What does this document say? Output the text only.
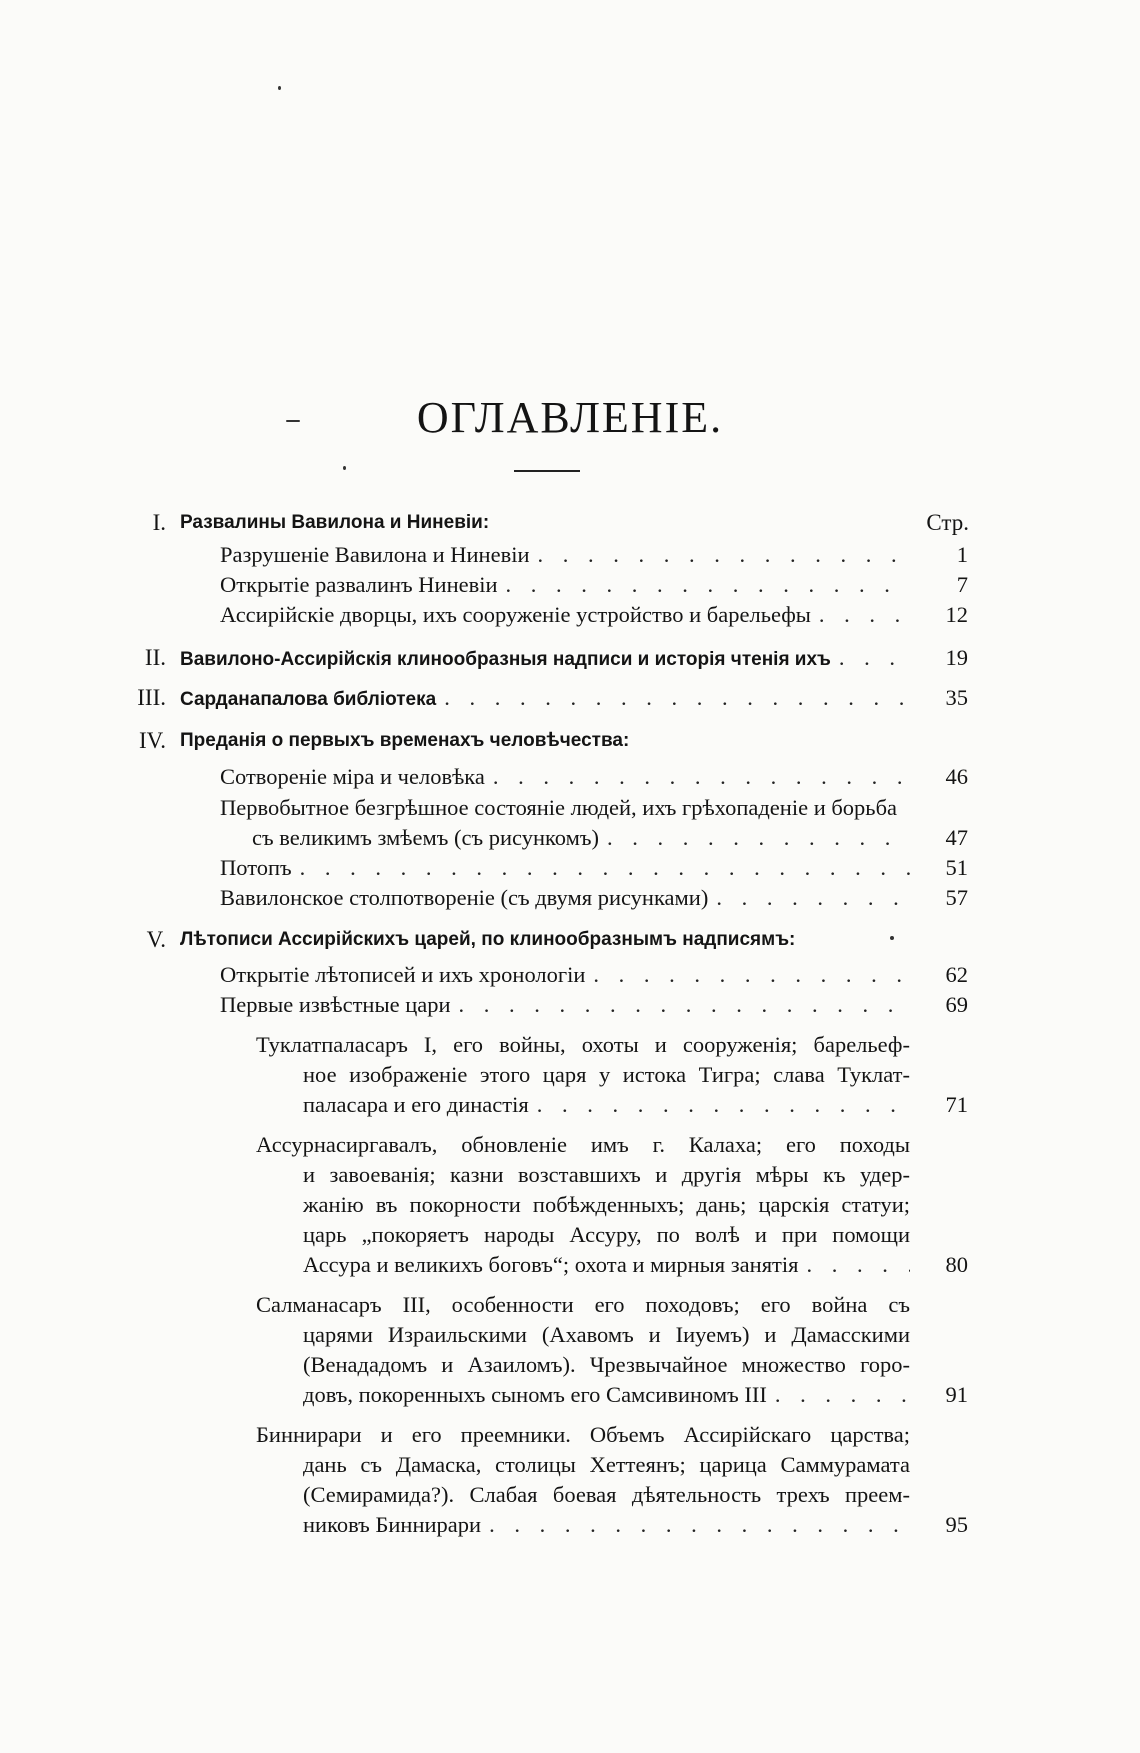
ОГЛАВЛЕНIЕ.
I. Развалины Вавилона и Ниневiи:	Стр.
Разрушенiе Вавилона и Ниневiи . . .	1
Открытiе развалинъ Ниневiи . . .	7
Ассирiйскiе дворцы, ихъ сооруженiе устройство и барельефы . . .	12
II. Вавилоно-Ассирiйскiя клинообразныя надписи и исторiя чтенiя ихъ . . .	19
III. Сарданапалова библiотека . . .	35
IV. Преданiя о первыхъ временахъ человѣчества:
Сотворенiе мiра и человѣка . . .	46
Первобытное безгрѣшное состоянiе людей, ихъ грѣхопаденiе и борьба
съ великимъ змѣемъ (съ рисункомъ) . . .	47
Потопъ . . .	51
Вавилонское столпотворенiе (съ двумя рисунками) . . .	57
V. Лѣтописи Ассирiйскихъ царей, по клинообразнымъ надписямъ:
Открытiе лѣтописей и ихъ хронологiи . . .	62
Первые извѣстные цари . . .	69
Туклатпаласаръ I, его войны, охоты и сооруженiя; барельеф-
ное изображенiе этого царя у истока Тигра; слава Туклат-
паласара и его династiя . . .	71
Ассурнасиргавалъ, обновленiе имъ г. Калаха; его походы
и завоеванiя; казни возставшихъ и другiя мѣры къ удер-
жанiю въ покорности побѣжденныхъ; дань; царскiя статуи;
царь „покоряетъ народы Ассуру, по волѣ и при помощи
Ассура и великихъ боговъ“; охота и мирныя занятiя . . .	80
Салманасаръ III, особенности его походовъ; его война съ
царями Израильскими (Ахавомъ и Iиуемъ) и Дамасскими
(Венададомъ и Азаиломъ). Чрезвычайное множество горо-
довъ, покоренныхъ сыномъ его Самсивиномъ III . . .	91
Биннирари и его преемники. Объемъ Ассирiйскаго царства;
дань съ Дамаска, столицы Хеттеянъ; царица Саммурамата
(Семирамида?). Слабая боевая дѣятельность трехъ преем-
никовъ Биннирари . . .	95
